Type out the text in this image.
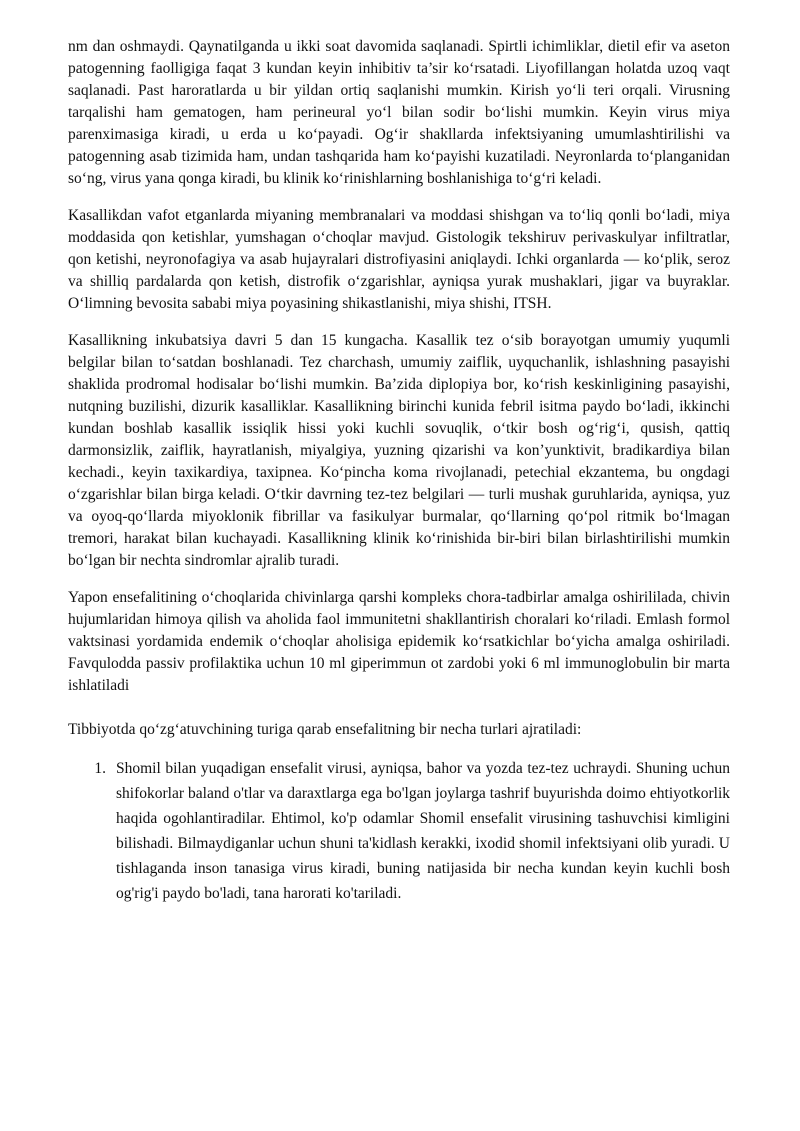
nm dan oshmaydi. Qaynatilganda u ikki soat davomida saqlanadi. Spirtli ichimliklar, dietil efir va aseton patogenning faolligiga faqat 3 kundan keyin inhibitiv ta’sir ko‘rsatadi. Liyofillangan holatda uzoq vaqt saqlanadi. Past haroratlarda u bir yildan ortiq saqlanishi mumkin. Kirish yo‘li teri orqali. Virusning tarqalishi ham gematogen, ham perineural yo‘l bilan sodir bo‘lishi mumkin. Keyin virus miya parenximasiga kiradi, u erda u ko‘payadi. Og‘ir shakllarda infektsiyaning umumlashtirilishi va patogenning asab tizimida ham, undan tashqarida ham ko‘payishi kuzatiladi. Neyronlarda to‘planganidan so‘ng, virus yana qonga kiradi, bu klinik ko‘rinishlarning boshlanishiga to‘g‘ri keladi.

Kasallikdan vafot etganlarda miyaning membranalari va moddasi shishgan va to‘liq qonli bo‘ladi, miya moddasida qon ketishlar, yumshagan o‘choqlar mavjud. Gistologik tekshiruv perivaskulyar infiltratlar, qon ketishi, neyronofagiya va asab hujayralari distrofiyasini aniqlaydi. Ichki organlarda — ko‘plik, seroz va shilliq pardalarda qon ketish, distrofik o‘zgarishlar, ayniqsa yurak mushaklari, jigar va buyraklar. O‘limning bevosita sababi miya poyasining shikastlanishi, miya shishi, ITSH.

Kasallikning inkubatsiya davri 5 dan 15 kungacha. Kasallik tez o‘sib borayotgan umumiy yuqumli belgilar bilan to‘satdan boshlanadi. Tez charchash, umumiy zaiflik, uyquchanlik, ishlashning pasayishi shaklida prodromal hodisalar bo‘lishi mumkin. Ba’zida diplopiya bor, ko‘rish keskinligining pasayishi, nutqning buzilishi, dizurik kasalliklar. Kasallikning birinchi kunida febril isitma paydo bo‘ladi, ikkinchi kundan boshlab kasallik issiqlik hissi yoki kuchli sovuqlik, o‘tkir bosh og‘rig‘i, qusish, qattiq darmonsizlik, zaiflik, hayratlanish, miyalgiya, yuzning qizarishi va kon’yunktivit, bradikardiya bilan kechadi., keyin taxikardiya, taxipnea. Ko‘pincha koma rivojlanadi, petechial ekzantema, bu ongdagi o‘zgarishlar bilan birga keladi. O‘tkir davrning tez-tez belgilari — turli mushak guruhlarida, ayniqsa, yuz va oyoq-qo‘llarda miyoklonik fibrillar va fasikulyar burmalar, qo‘llarning qo‘pol ritmik bo‘lmagan tremori, harakat bilan kuchayadi. Kasallikning klinik ko‘rinishida bir-biri bilan birlashtirilishi mumkin bo‘lgan bir nechta sindromlar ajralib turadi.

Yapon ensefalitining o‘choqlarida chivinlarga qarshi kompleks chora-tadbirlar amalga oshirililada, chivin hujumlaridan himoya qilish va aholida faol immunitetni shakllantirish choralari ko‘riladi. Emlash formol vaktsinasi yordamida endemik o‘choqlar aholisiga epidemik ko‘rsatkichlar bo‘yicha amalga oshiriladi. Favqulodda passiv profilaktika uchun 10 ml giperimmun ot zardobi yoki 6 ml immunoglobulin bir marta ishlatiladi

Tibbiyotda qo‘zg‘atuvchining turiga qarab ensefalitning bir necha turlari ajratiladi:

1. Shomil bilan yuqadigan ensefalit virusi, ayniqsa, bahor va yozda tez-tez uchraydi. Shuning uchun shifokorlar baland o'tlar va daraxtlarga ega bo'lgan joylarga tashrif buyurishda doimo ehtiyotkorlik haqida ogohlantiradilar. Ehtimol, ko'p odamlar Shomil ensefalit virusining tashuvchisi kimligini bilishadi. Bilmaydiganlar uchun shuni ta'kidlash kerakki, ixodid shomil infektsiyani olib yuradi. U tishlaganda inson tanasiga virus kiradi, buning natijasida bir necha kundan keyin kuchli bosh og'rig'i paydo bo'ladi, tana harorati ko'tariladi.
